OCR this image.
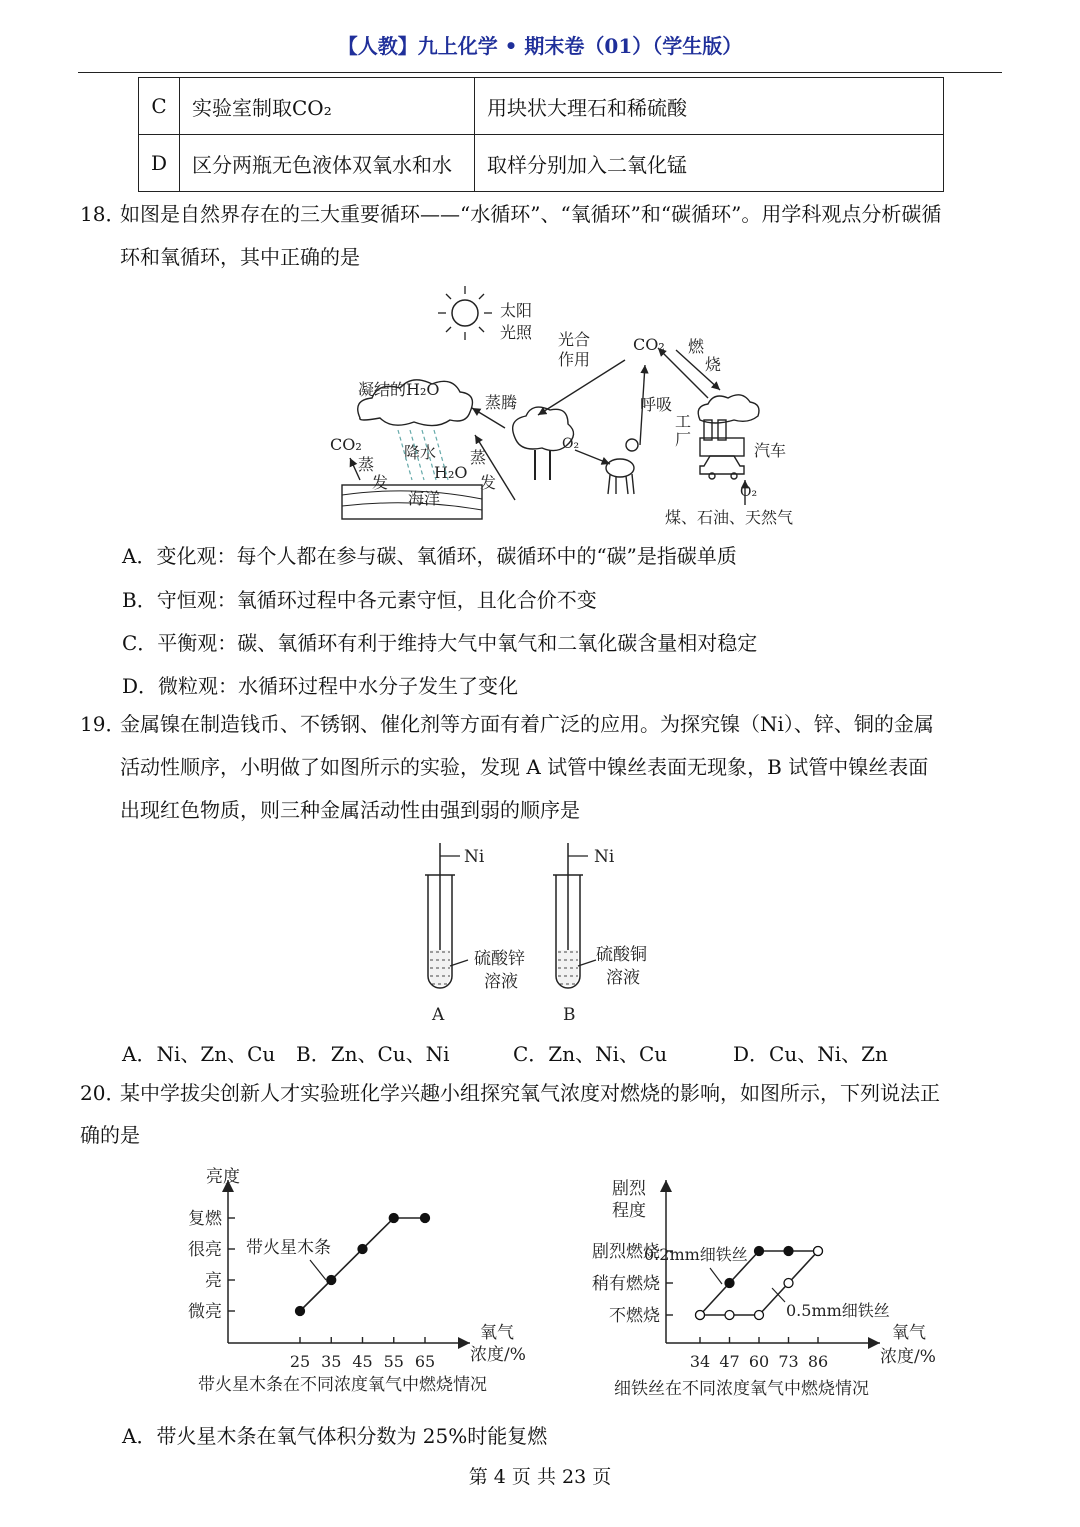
【人教】九上化学 • 期末卷（01）（学生版）
C	实验室制取CO₂	用块状大理石和稀硫酸
D	区分两瓶无色液体双氧水和水	取样分别加入二氧化锰
18．
如图是自然界存在的三大重要循环——“水循环”、“氧循环”和“碳循环”。用学科观点分析碳循
环和氧循环，其中正确的是
太阳
光照 光合
作用
CO₂ 燃
烧
凝结的H₂O
蒸腾	呼吸
工
厂
汽车
O₂
CO₂
蒸
发
降水
H₂O
蒸
发
海洋	O₂
煤、石油、天然气
A．变化观：每个人都在参与碳、氧循环，碳循环中的“碳”是指碳单质
B．守恒观：氧循环过程中各元素守恒，且化合价不变
C．平衡观：碳、氧循环有利于维持大气中氧气和二氧化碳含量相对稳定
D．微粒观：水循环过程中水分子发生了变化
19．
金属镍在制造钱币、不锈钢、催化剂等方面有着广泛的应用。为探究镍（Ni）、锌、铜的金属
活动性顺序，小明做了如图所示的实验，发现 A 试管中镍丝表面无现象，B 试管中镍丝表面
出现红色物质，则三种金属活动性由强到弱的顺序是
Ni	Ni
硫酸锌
溶液
硫酸铜
溶液
A	B
A．Ni、Zn、Cu B．Zn、Cu、Ni	C．Zn、Ni、Cu	D．Cu、Ni、Zn
20．
某中学拔尖创新人才实验班化学兴趣小组探究氧气浓度对燃烧的影响，如图所示，下列说法正
确的是
亮度
氧气
浓度/%
带火星木条在不同浓度氧气中燃烧情况
带火星木条
微亮
亮
很亮
复燃
25 35 45 55 65
剧烈
程度
氧气
浓度/%
细铁丝在不同浓度氧气中燃烧情况
0.2mm细铁丝
0.5mm细铁丝
不燃烧
稍有燃烧
剧烈燃烧
34 47 60 73 86
A．带火星木条在氧气体积分数为 25%时能复燃
第 4 页 共 23 页
